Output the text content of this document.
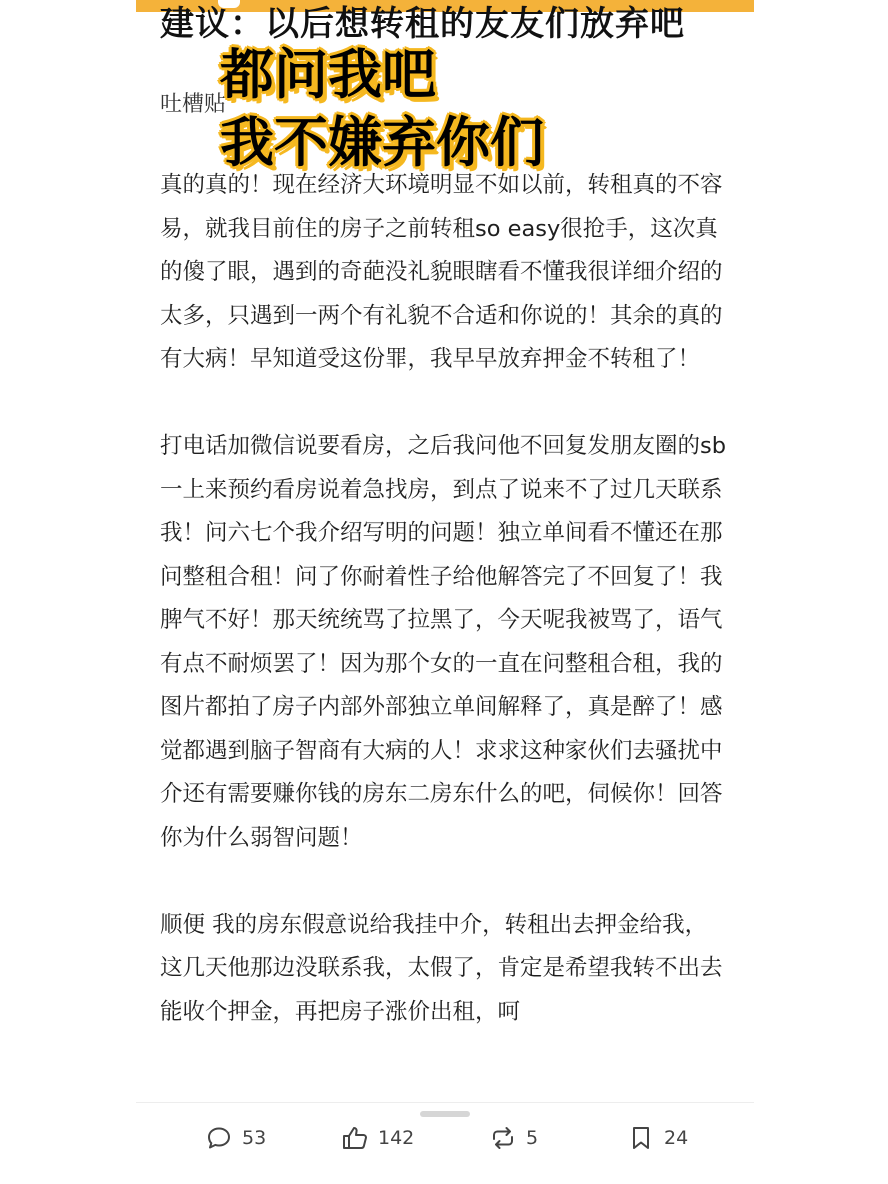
建议：以后想转租的友友们放弃吧
吐槽贴
都问我吧
我不嫌弃你们

真的真的！现在经济大环境明显不如以前，转租真的不容易，就我目前住的房子之前转租so easy很抢手，这次真的傻了眼，遇到的奇葩没礼貌眼瞎看不懂我很详细介绍的太多，只遇到一两个有礼貌不合适和你说的！其余的真的有大病！早知道受这份罪，我早早放弃押金不转租了！

打电话加微信说要看房，之后我问他不回复发朋友圈的sb 一上来预约看房说着急找房，到点了说来不了过几天联系我！问六七个我介绍写明的问题！独立单间看不懂还在那问整租合租！问了你耐着性子给他解答完了不回复了！我脾气不好！那天统统骂了拉黑了，今天呢我被骂了，语气有点不耐烦罢了！因为那个女的一直在问整租合租，我的图片都拍了房子内部外部独立单间解释了，真是醉了！感觉都遇到脑子智商有大病的人！求求这种家伙们去骚扰中介还有需要赚你钱的房东二房东什么的吧，伺候你！回答你为什么弱智问题！

顺便 我的房东假意说给我挂中介，转租出去押金给我，这几天他那边没联系我，太假了，肯定是希望我转不出去能收个押金，再把房子涨价出租，呵

53	142	5	24
